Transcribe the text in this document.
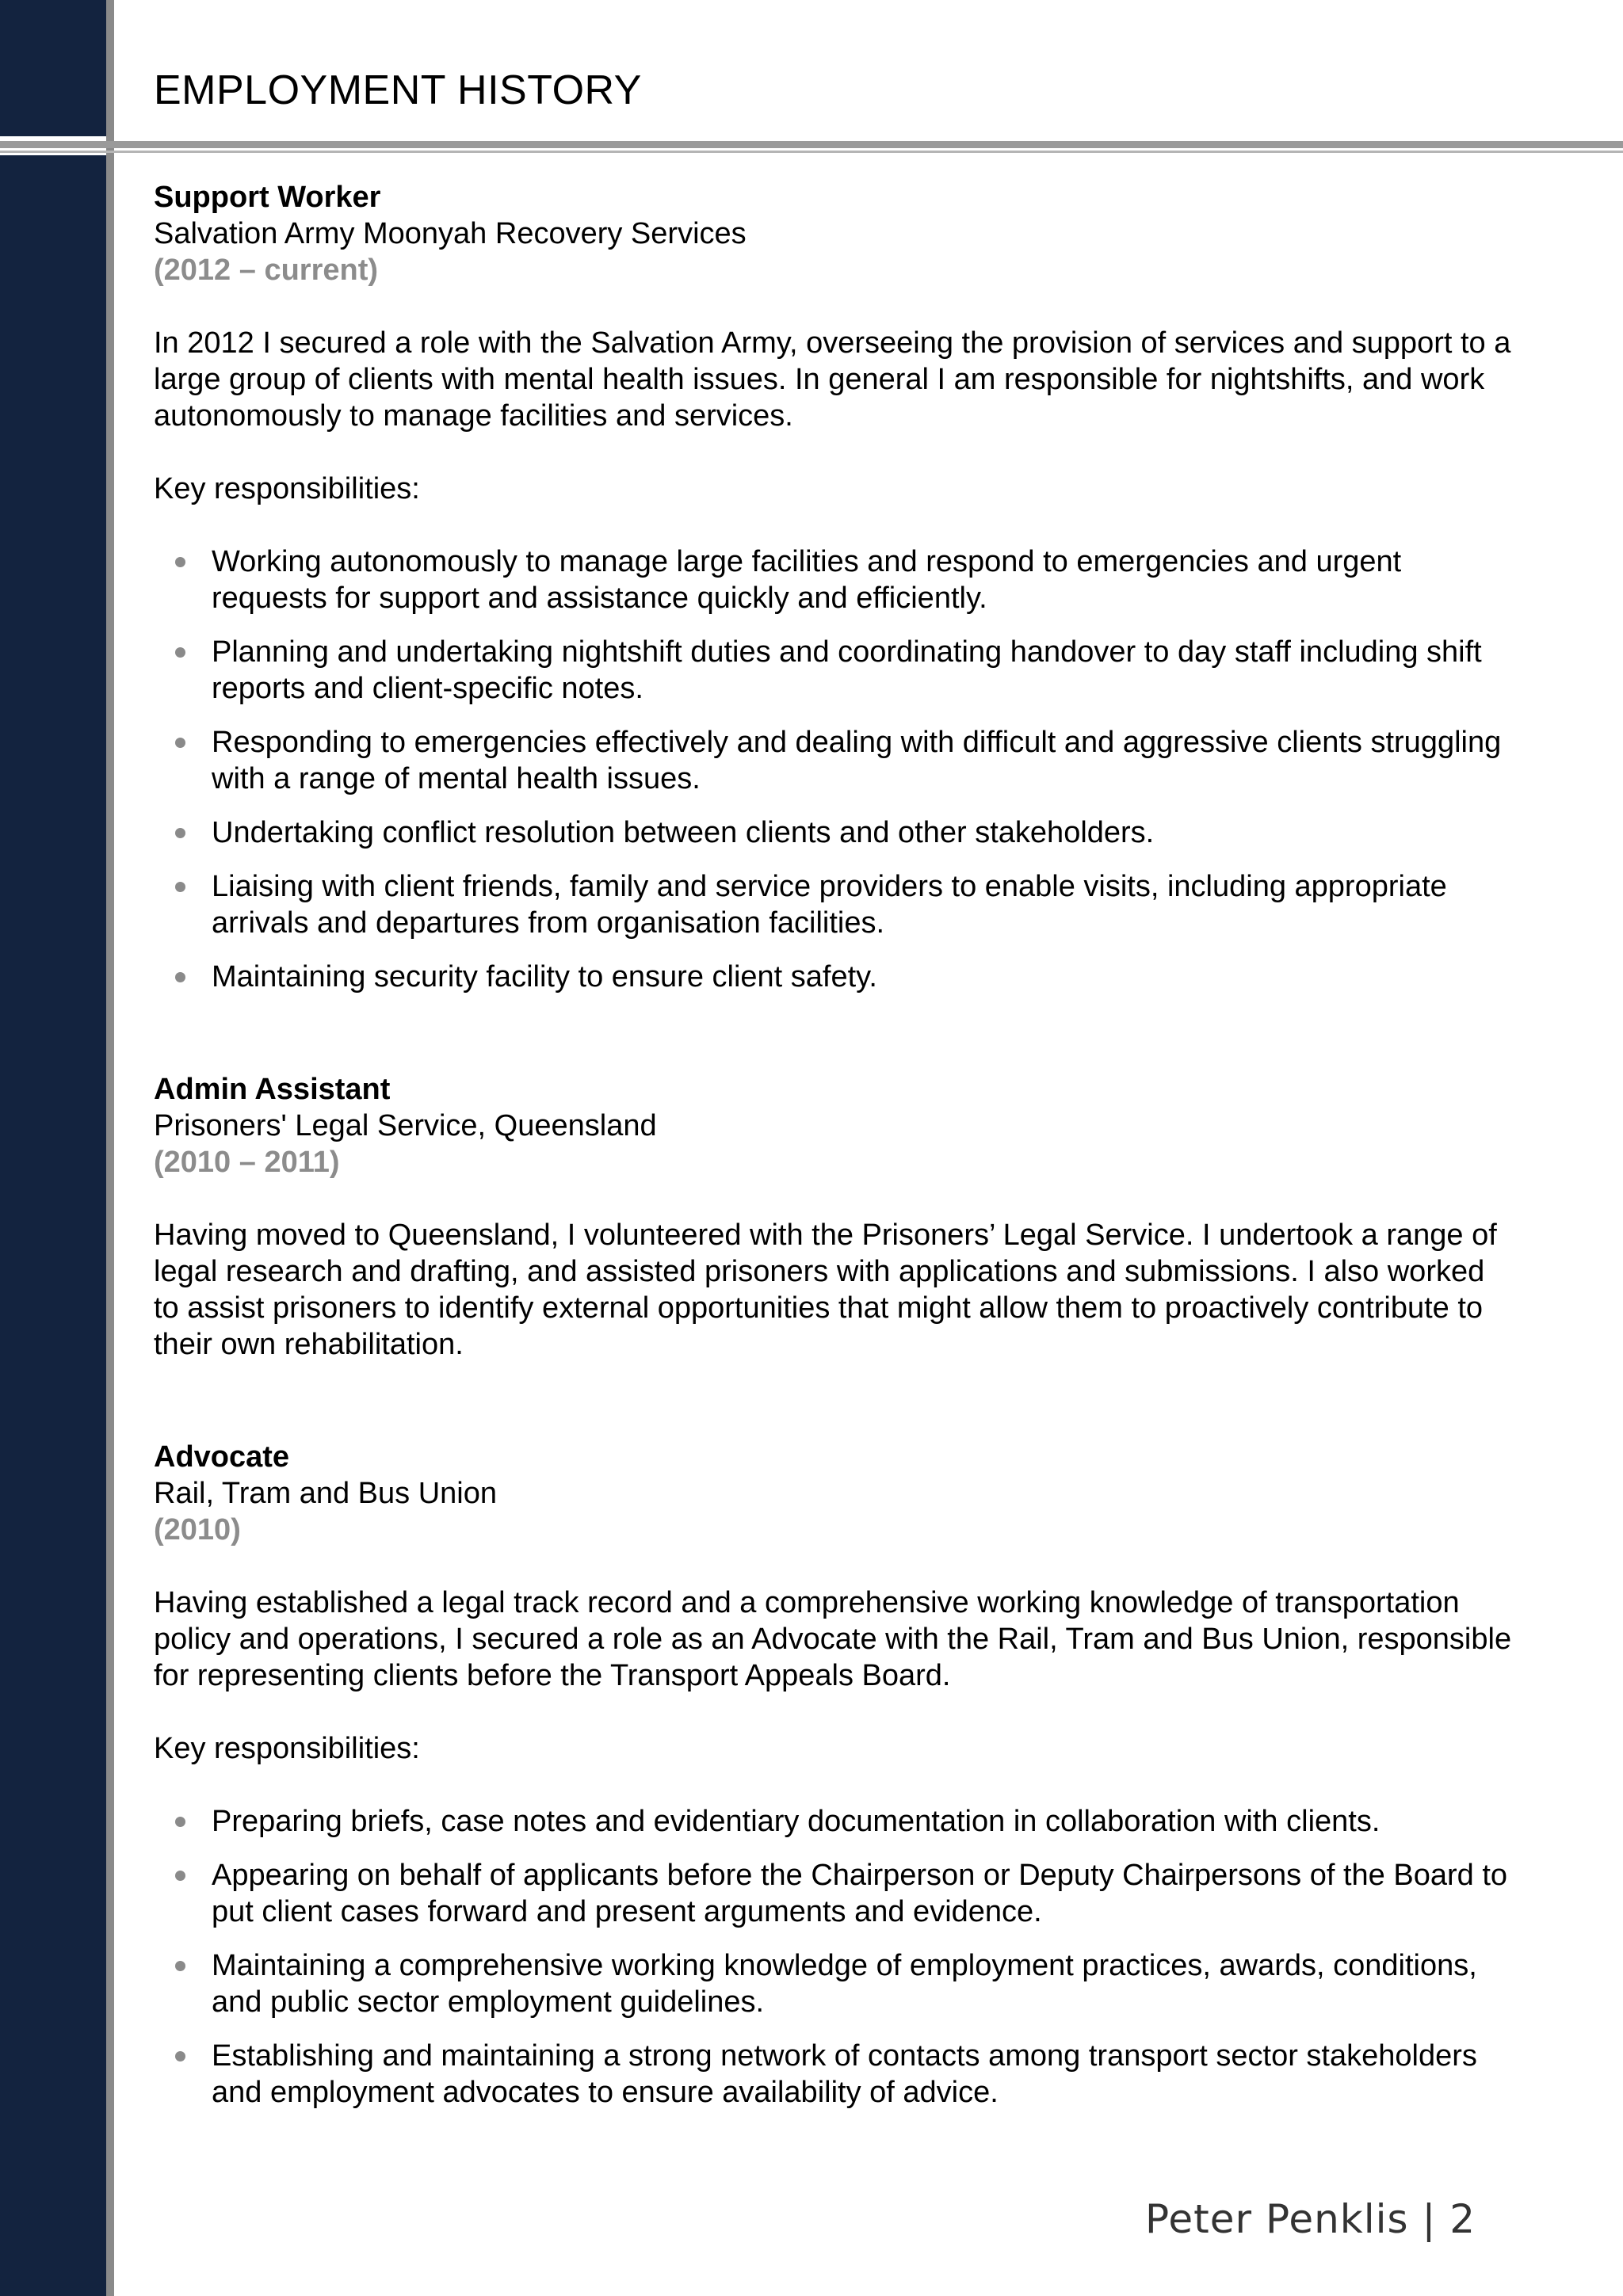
EMPLOYMENT HISTORY

Support Worker

Salvation Army Moonyah Recovery Services

(2012 – current)

In 2012 I secured a role with the Salvation Army, overseeing the provision of services and support to a large group of clients with mental health issues. In general I am responsible for nightshifts, and work autonomously to manage facilities and services.

Key responsibilities:

Working autonomously to manage large facilities and respond to emergencies and urgent requests for support and assistance quickly and efficiently.
Planning and undertaking nightshift duties and coordinating handover to day staff including shift reports and client-specific notes.
Responding to emergencies effectively and dealing with difficult and aggressive clients struggling with a range of mental health issues.
Undertaking conflict resolution between clients and other stakeholders.
Liaising with client friends, family and service providers to enable visits, including appropriate arrivals and departures from organisation facilities.
Maintaining security facility to ensure client safety.

Admin Assistant

Prisoners' Legal Service, Queensland

(2010 – 2011)

Having moved to Queensland, I volunteered with the Prisoners’ Legal Service. I undertook a range of legal research and drafting, and assisted prisoners with applications and submissions. I also worked to assist prisoners to identify external opportunities that might allow them to proactively contribute to their own rehabilitation.

Advocate

Rail, Tram and Bus Union

(2010)

Having established a legal track record and a comprehensive working knowledge of transportation policy and operations, I secured a role as an Advocate with the Rail, Tram and Bus Union, responsible for representing clients before the Transport Appeals Board.

Key responsibilities:

Preparing briefs, case notes and evidentiary documentation in collaboration with clients.
Appearing on behalf of applicants before the Chairperson or Deputy Chairpersons of the Board to put client cases forward and present arguments and evidence.
Maintaining a comprehensive working knowledge of employment practices, awards, conditions, and public sector employment guidelines.
Establishing and maintaining a strong network of contacts among transport sector stakeholders and employment advocates to ensure availability of advice.
Peter Penklis | 2
